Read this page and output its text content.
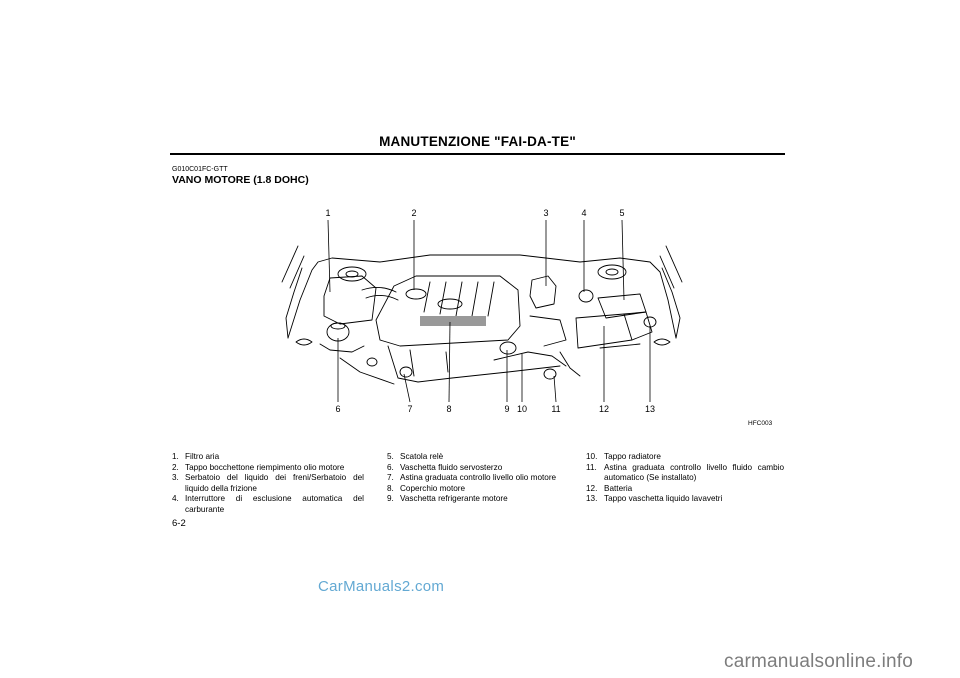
MANUTENZIONE "FAI-DA-TE"
G010C01FC-GTT
VANO MOTORE (1.8 DOHC)
1	2	3	4	5
6	7	8	9 10	11	12	13
HFC003
1. Filtro aria
2. Tappo bocchettone riempimento olio motore
3. Serbatoio del liquido dei freni/Serbatoio del liquido della frizione
4. Interruttore di esclusione automatica del carburante
5. Scatola relè
6. Vaschetta fluido servosterzo
7. Astina graduata controllo livello olio motore
8. Coperchio motore
9. Vaschetta refrigerante motore
10. Tappo radiatore
11. Astina graduata controllo livello fluido cambio automatico (Se installato)
12. Batteria
13. Tappo vaschetta liquido lavavetri
6-2
CarManuals2.com
carmanualsonline.info
